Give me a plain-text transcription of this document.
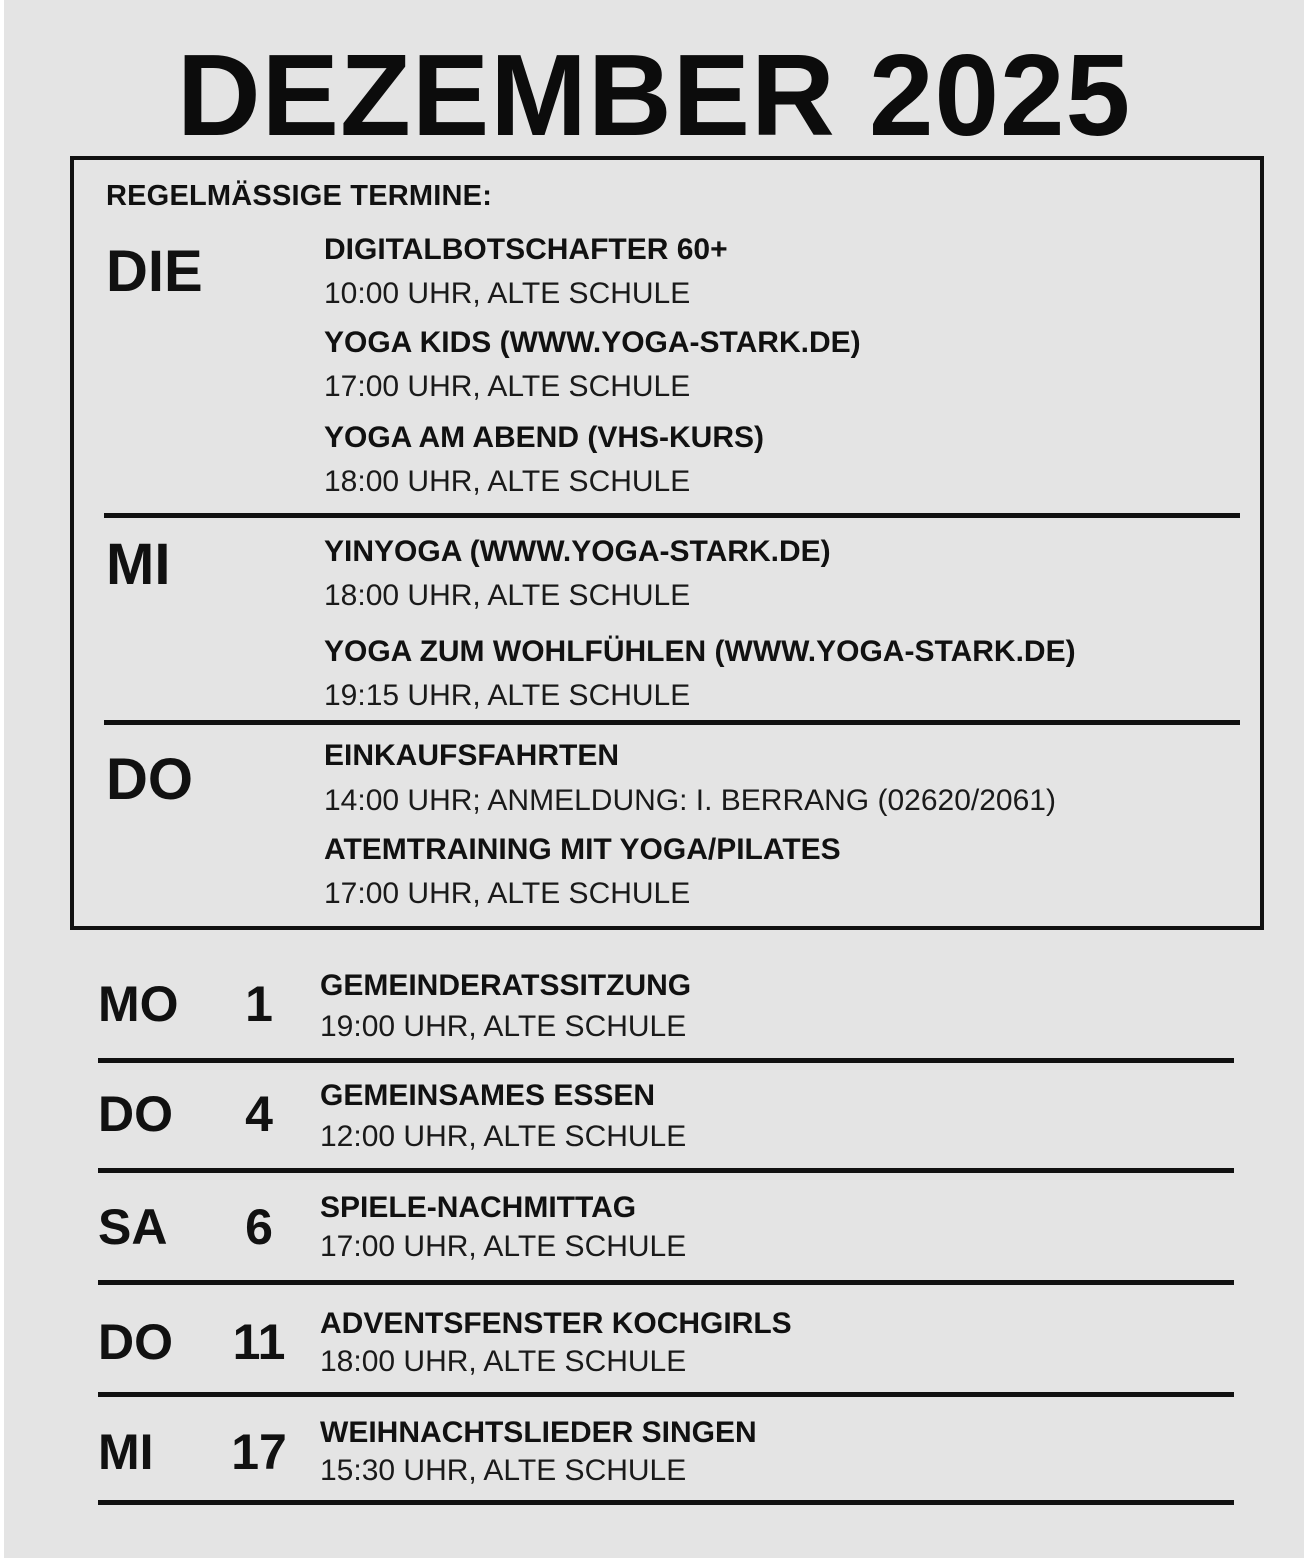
DEZEMBER 2025
REGELMÄSSIGE TERMINE:
DIE	DIGITALBOTSCHAFTER 60+
10:00 UHR, ALTE SCHULE
YOGA KIDS (WWW.YOGA-STARK.DE)
17:00 UHR, ALTE SCHULE
YOGA AM ABEND (VHS-KURS)
18:00 UHR, ALTE SCHULE
MI	YINYOGA (WWW.YOGA-STARK.DE)
18:00 UHR, ALTE SCHULE
YOGA ZUM WOHLFÜHLEN (WWW.YOGA-STARK.DE)
19:15 UHR, ALTE SCHULE
DO	EINKAUFSFAHRTEN
14:00 UHR; ANMELDUNG: I. BERRANG (02620/2061)
ATEMTRAINING MIT YOGA/PILATES
17:00 UHR, ALTE SCHULE
MO	1	GEMEINDERATSSITZUNG
19:00 UHR, ALTE SCHULE
DO	4	GEMEINSAMES ESSEN
12:00 UHR, ALTE SCHULE
SA	6	SPIELE-NACHMITTAG
17:00 UHR, ALTE SCHULE
DO	11	ADVENTSFENSTER KOCHGIRLS
18:00 UHR, ALTE SCHULE
MI	17	WEIHNACHTSLIEDER SINGEN
15:30 UHR, ALTE SCHULE
